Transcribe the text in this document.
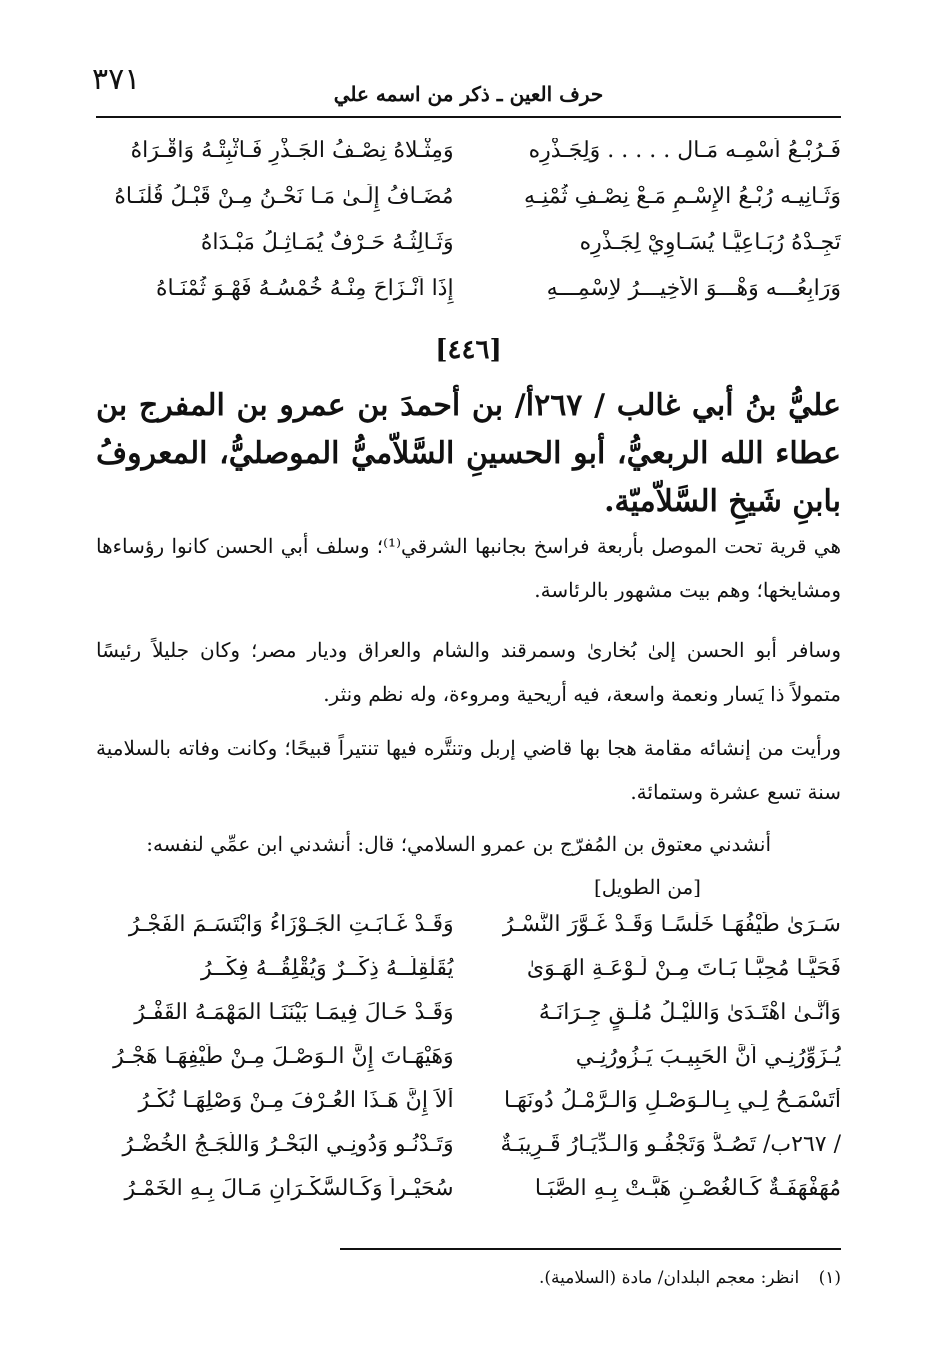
٣٧١	حرف العين ـ ذكر من اسمه علي
فَـرُبْـعُ اُسْمِـه مَـال . . . . . وَلِجَـذْرِه
وَمِثْـلاهُ نِصْـفُ الجَـذْرِ فَـاثْبِتْـهُ وَاقْـرَاهُ
وَثَـانِيـه رُبْـعُ الإِسْـمِ مَـعْ نِصْـفِ ثُمْنِـهِ
مُضَـافُ إِلَـىٰ مَـا نَحْـنُ مِـنْ قَبْـلُ قُلْنَـاهُ
تَجِـدْهُ رُبَـاعِيًّـا يُسَـاوِيْ لِجَـذْرِه
وَثَـالِثُـهُ حَـرْفٌ يُمَـاثِـلُ مَبْـدَاهُ
وَرَابِعُـــه وَهْـــوَ الأَخِيـــرُ لاِسْمِـــهِ
إِذَا اَنْـزَاحَ مِنْـهُ خُمْسُـهُ فَهْـوَ ثُمْنَـاهُ
[٤٤٦]
عليُّ بنُ أبي غالب / ٢٦٧أ/ بن أحمدَ بن عمرو بن المفرج بن عطاء الله الربعيُّ، أبو الحسينِ السَّلاّميُّ الموصليُّ، المعروفُ بابنِ شَيخِ السَّلاّميّة.
هي قرية تحت الموصل بأربعة فراسخ بجانبها الشرقي⁽¹⁾؛ وسلف أبي الحسن كانوا رؤساءها ومشايخها؛ وهم بيت مشهور بالرئاسة.
وسافر أبو الحسن إلىٰ بُخارىٰ وسمرقند والشام والعراق وديار مصر؛ وكان جليلاً رئيسًا متمولاً ذا يَسار ونعمة واسعة، فيه أريحية ومروءة، وله نظم ونثر.
ورأيت من إنشائه مقامة هجا بها قاضي إربل وتنتَّره فيها تنتيراً قبيحًا؛ وكانت وفاته بالسلامية سنة تسع عشرة وستمائة.
أنشدني معتوق بن المُفرّج بن عمرو السلامي؛ قال: أنشدني ابن عمِّي لنفسه:
[من الطويل]
سَـرَىٰ طَيْفُهَـا خَلْسًـا وَقَـدْ غَـوَّرَ النَّسْـرُ
وَقَـدْ غَـابَـتِ الجَـوْزَاءُ وَابْتَسَـمَ الفَجْـرُ
فَحَيًّـا مُحِبًّـا بَـاتَ مِـنْ لَـوْعَـةِ الهَـوَىٰ
يُقَلْقِلُــهُ ذِكْــرٌ وَيُقْلِقُــهُ فِكْــرُ
وَاَنَّـىٰ اهْتَـدَىٰ وَاللَّيْـلُ مُلْـقٍ جِـرَانَـهُ
وَقَـدْ حَـالَ فِيمَـا بَيْنَنَـا المَهْمَـهُ القَفْـرُ
يُـزَوِّرُنِـي اَنَّ الحَبِيـبَ يَـزُورُنِـي
وَهَيْهَـاتَ إِنَّ الـوَصْـلَ مِـنْ طَيْفِهَـا هَجْـرُ
أَتَسْمَـحُ لِـي بِـالـوَصْـلِ وَالـرَّمْـلُ دُونَهَـا
أَلاَ إِنَّ هَـذَا العُـرْفَ مِـنْ وَصْلِهَـا نُكْـرُ
/ ٢٦٧ب/ تَصُـدُّ وَتَجْفُـو وَالـدِّيَـارُ قَـرِيبَـةٌ
وَتَـدْنُـو وَدُونِـي البَحْـرُ وَاللُّجَـجُ الخُضْـرُ
مُهَفْهَفَـةٌ كَـالغُصْـنِ هَبَّـتْ بِـهِ الصَّبَـا
سُحَيْـراً وَكَـالسَّكْـرَانِ مَـالَ بِـهِ الخَمْـرُ
(١) انظر: معجم البلدان/ مادة (السلامية).
